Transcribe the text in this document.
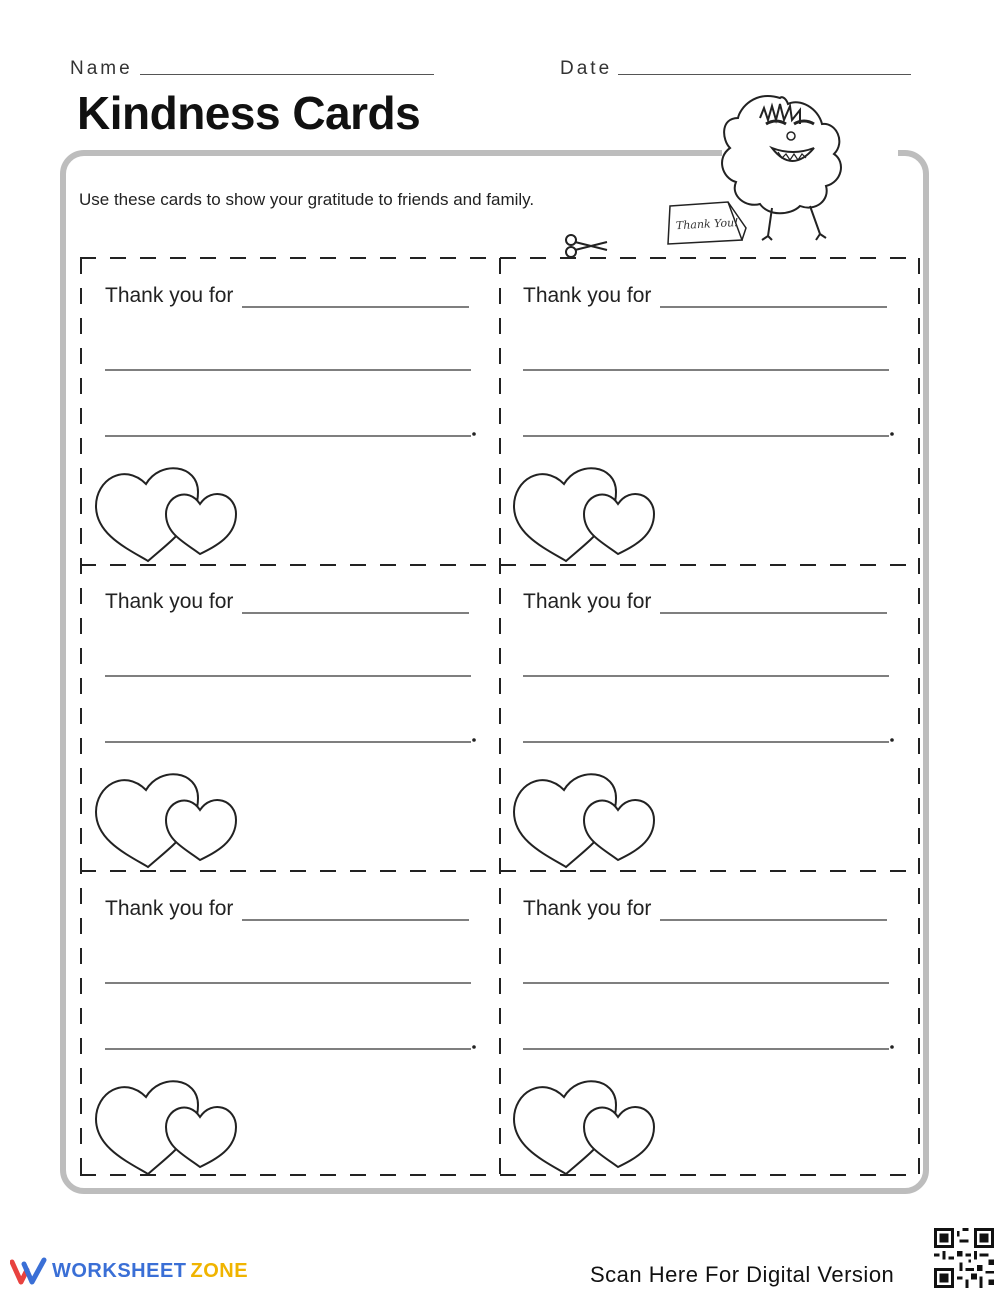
Name	Date
Kindness Cards

Use these cards to show your gratitude to friends and family.

Thank You!
Thank you for	Thank you for
Thank you for	Thank you for
Thank you for	Thank you for
WORKSHEET ZONE	Scan Here For Digital Version
